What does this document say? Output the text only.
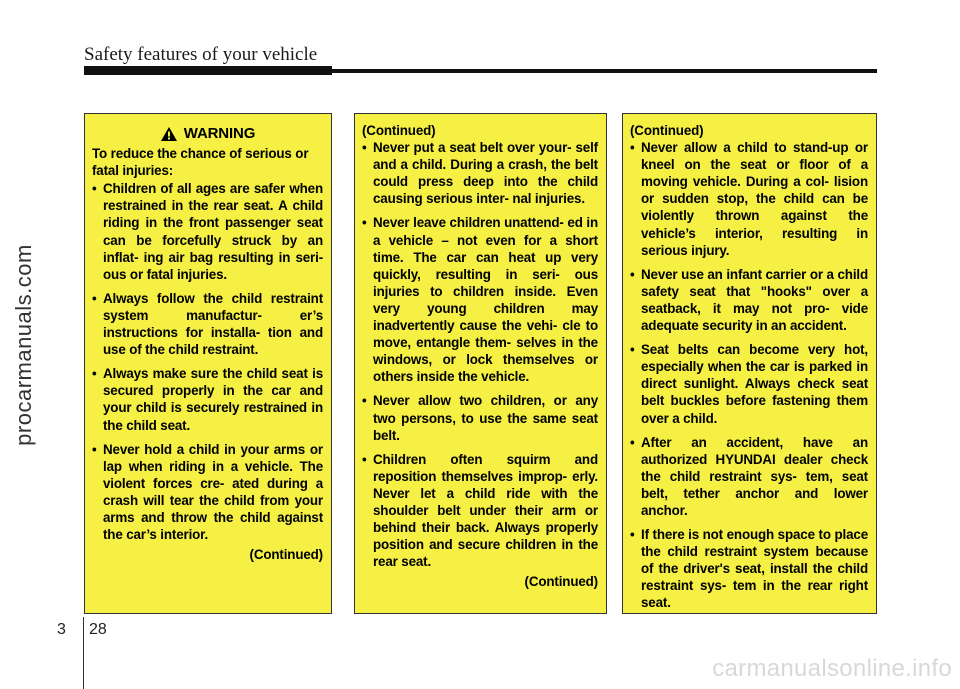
Safety features of your vehicle
procarmanuals.com
WARNING

To reduce the chance of serious or fatal injuries:

• Children of all ages are safer when restrained in the rear seat. A child riding in the front passenger seat can be forcefully struck by an inflat- ing air bag resulting in seri- ous or fatal injuries.
• Always follow the child restraint system manufactur- er’s instructions for installa- tion and use of the child restraint.
• Always make sure the child seat is secured properly in the car and your child is securely restrained in the child seat.
• Never hold a child in your arms or lap when riding in a vehicle. The violent forces cre- ated during a crash will tear the child from your arms and throw the child against the car’s interior.
(Continued)

(Continued)

• Never put a seat belt over your- self and a child. During a crash, the belt could press deep into the child causing serious inter- nal injuries.
• Never leave children unattend- ed in a vehicle – not even for a short time. The car can heat up very quickly, resulting in seri- ous injuries to children inside. Even very young children may inadvertently cause the vehi- cle to move, entangle them- selves in the windows, or lock themselves or others inside the vehicle.
• Never allow two children, or any two persons, to use the same seat belt.
• Children often squirm and reposition themselves improp- erly. Never let a child ride with the shoulder belt under their arm or behind their back. Always properly position and secure children in the rear seat.
(Continued)

(Continued)

• Never allow a child to stand-up or kneel on the seat or floor of a moving vehicle. During a col- lision or sudden stop, the child can be violently thrown against the vehicle’s interior, resulting in serious injury.
• Never use an infant carrier or a child safety seat that "hooks" over a seatback, it may not pro- vide adequate security in an accident.
• Seat belts can become very hot, especially when the car is parked in direct sunlight. Always check seat belt buckles before fastening them over a child.
• After an accident, have an authorized HYUNDAI dealer check the child restraint sys- tem, seat belt, tether anchor and lower anchor.
• If there is not enough space to place the child restraint system because of the driver's seat, install the child restraint sys- tem in the rear right seat.
3 28
carmanualsonline.info
